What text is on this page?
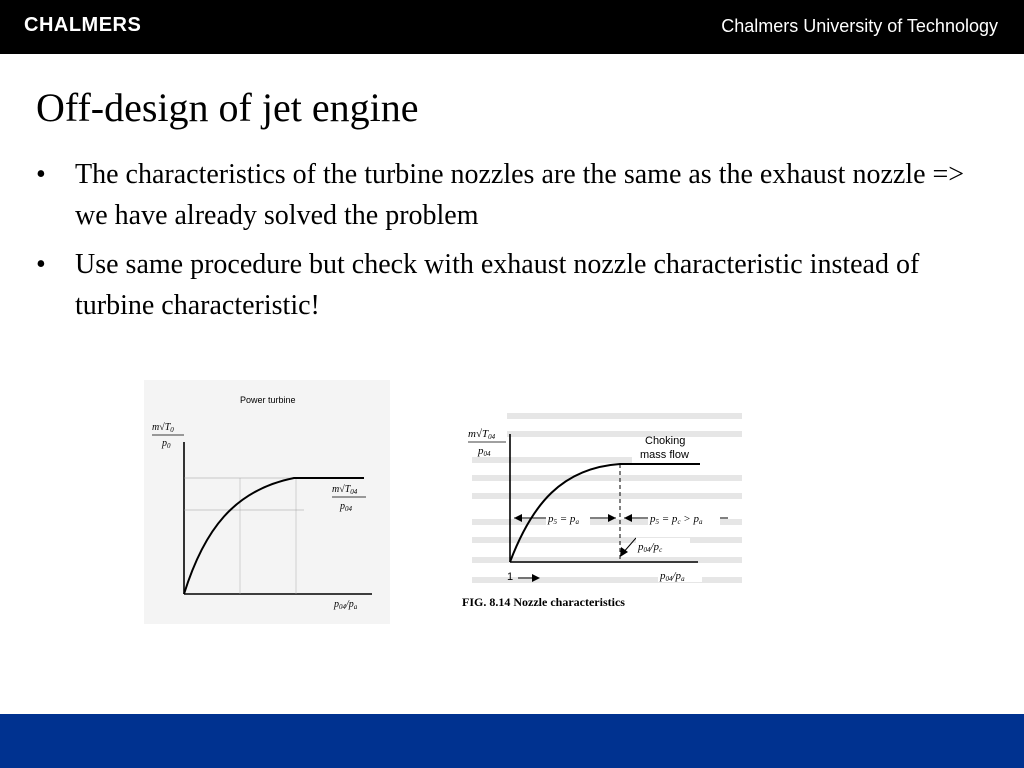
CHALMERS	Chalmers University of Technology
Off-design of jet engine
• The characteristics of the turbine nozzles are the same as the exhaust nozzle => we have already solved the problem
• Use same procedure but check with exhaust nozzle characteristic instead of turbine characteristic!
Power turbine
$m√T_0$
$p_0$
$m√T_{04}$
$p_{04}$
$p_{04}/p_a$
m√T04
p04
Choking
mass flow
p5 = pa	p5 = pc > pa
p04/pc
p04/pa
1
FIG. 8.14 Nozzle characteristics
